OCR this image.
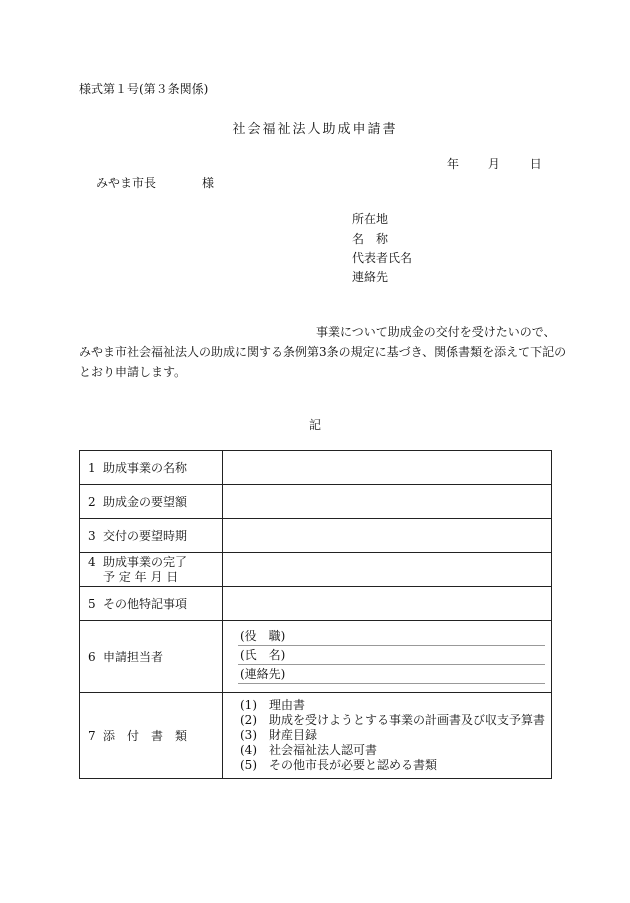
様式第１号(第３条関係)
社会福祉法人助成申請書
年 月 日
みやま市長	様
所在地
名　称
代表者氏名
連絡先
事業について助成金の交付を受けたいので、
みやま市社会福祉法人の助成に関する条例第3条の規定に基づき、関係書類を添えて下記の
とおり申請します。
記
1 助成事業の名称	
2 助成金の要望額	
3 交付の要望時期	
4 助成事業の完了
予 定 年 月 日	

5 その他特記事項	
6 申請担当者	(役　職)
(氏　名)
(連絡先)

7 添　付　書　類	(1) 理由書
(2) 助成を受けようとする事業の計画書及び収支予算書
(3) 財産目録
(4) 社会福祉法人認可書
(5) その他市長が必要と認める書類
